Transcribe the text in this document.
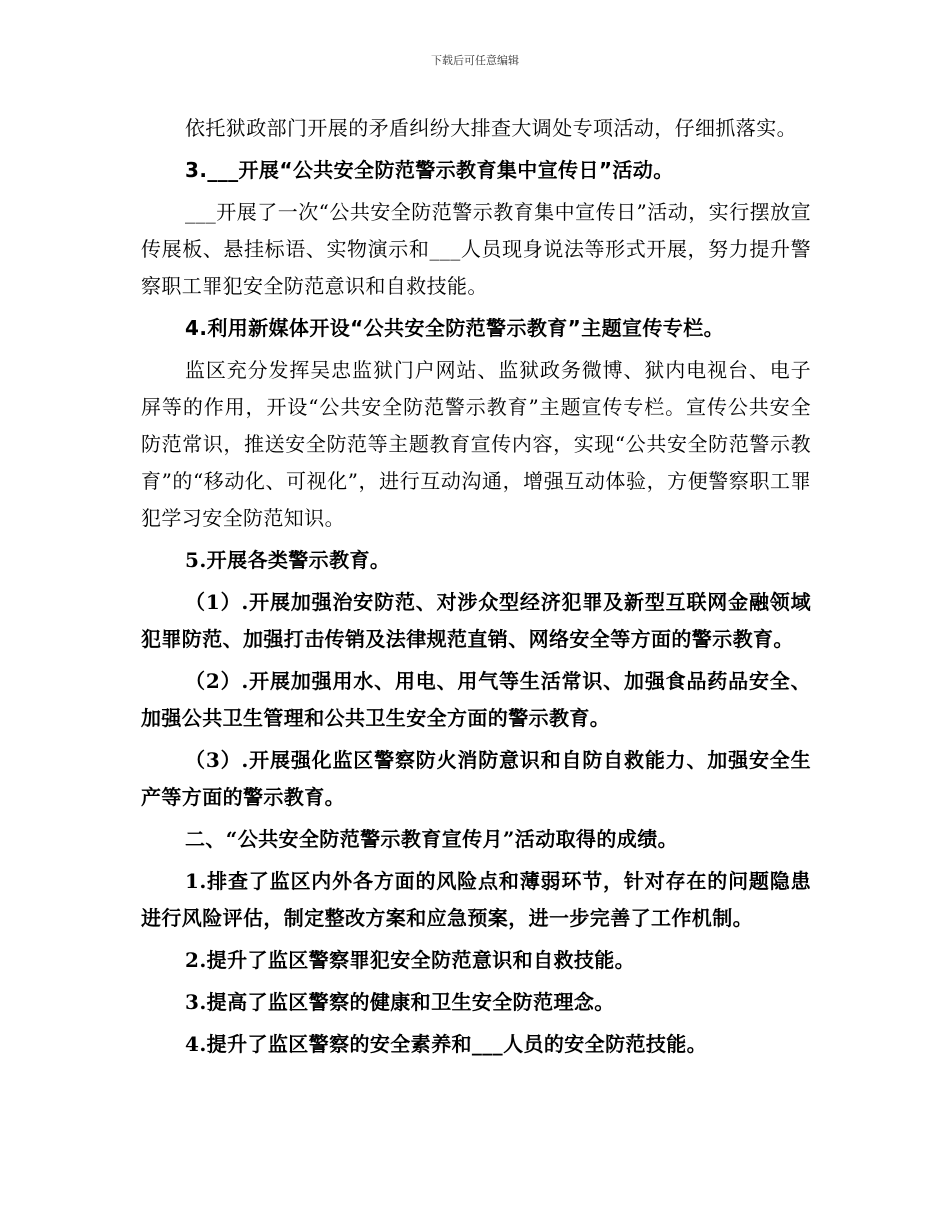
下载后可任意编辑

依托狱政部门开展的矛盾纠纷大排查大调处专项活动，仔细抓落实。

3.___开展“公共安全防范警示教育集中宣传日”活动。

___开展了一次“公共安全防范警示教育集中宣传日”活动，实行摆放宣传展板、悬挂标语、实物演示和___人员现身说法等形式开展，努力提升警察职工罪犯安全防范意识和自救技能。

4.利用新媒体开设“公共安全防范警示教育”主题宣传专栏。

监区充分发挥吴忠监狱门户网站、监狱政务微博、狱内电视台、电子屏等的作用，开设“公共安全防范警示教育”主题宣传专栏。宣传公共安全防范常识，推送安全防范等主题教育宣传内容，实现“公共安全防范警示教育”的“移动化、可视化”，进行互动沟通，增强互动体验，方便警察职工罪犯学习安全防范知识。

5.开展各类警示教育。

（1）.开展加强治安防范、对涉众型经济犯罪及新型互联网金融领域犯罪防范、加强打击传销及法律规范直销、网络安全等方面的警示教育。

（2）.开展加强用水、用电、用气等生活常识、加强食品药品安全、加强公共卫生管理和公共卫生安全方面的警示教育。

（3）.开展强化监区警察防火消防意识和自防自救能力、加强安全生产等方面的警示教育。

二、“公共安全防范警示教育宣传月”活动取得的成绩。

1.排查了监区内外各方面的风险点和薄弱环节，针对存在的问题隐患进行风险评估，制定整改方案和应急预案，进一步完善了工作机制。

2.提升了监区警察罪犯安全防范意识和自救技能。

3.提高了监区警察的健康和卫生安全防范理念。

4.提升了监区警察的安全素养和___人员的安全防范技能。
